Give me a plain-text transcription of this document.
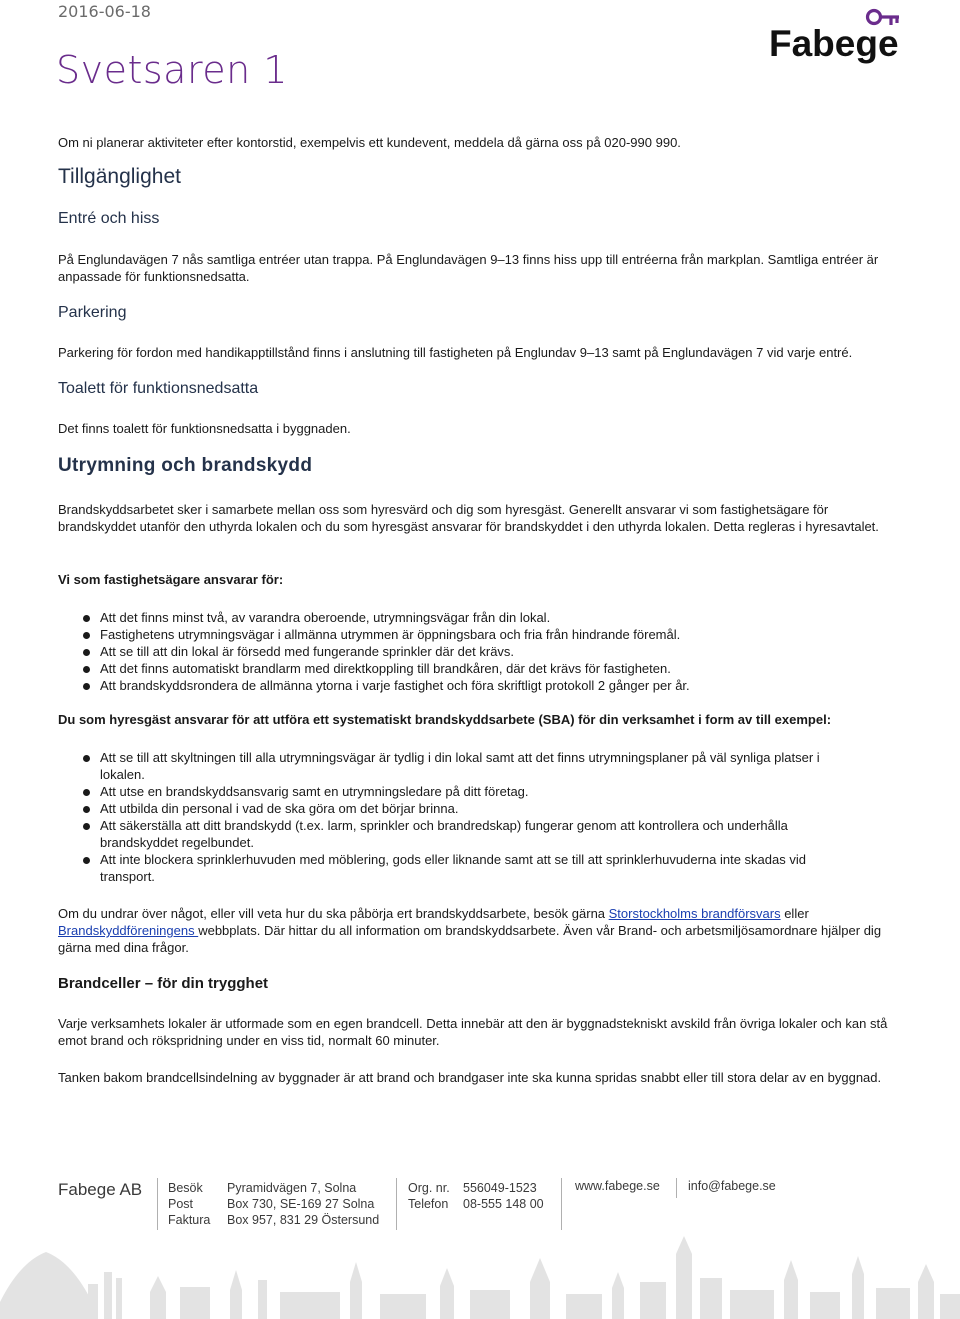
2016-06-18
Svetsaren 1
Fabege

Om ni planerar aktiviteter efter kontorstid, exempelvis ett kundevent, meddela då gärna oss på 020-990 990.

Tillgänglighet
Entré och hiss

På Englundavägen 7 nås samtliga entréer utan trappa. På Englundavägen 9–13 finns hiss upp till entréerna från markplan. Samtliga entréer är anpassade för funktionsnedsatta.

Parkering

Parkering för fordon med handikapptillstånd finns i anslutning till fastigheten på Englundav 9–13 samt på Englundavägen 7 vid varje entré.

Toalett för funktionsnedsatta

Det finns toalett för funktionsnedsatta i byggnaden.

Utrymning och brandskydd

Brandskyddsarbetet sker i samarbete mellan oss som hyresvärd och dig som hyresgäst. Generellt ansvarar vi som fastighetsägare för brandskyddet utanför den uthyrda lokalen och du som hyresgäst ansvarar för brandskyddet i den uthyrda lokalen. Detta regleras i hyresavtalet.

Vi som fastighetsägare ansvarar för:

Att det finns minst två, av varandra oberoende, utrymningsvägar från din lokal.
Fastighetens utrymningsvägar i allmänna utrymmen är öppningsbara och fria från hindrande föremål.
Att se till att din lokal är försedd med fungerande sprinkler där det krävs.
Att det finns automatiskt brandlarm med direktkoppling till brandkåren, där det krävs för fastigheten.
Att brandskyddsrondera de allmänna ytorna i varje fastighet och föra skriftligt protokoll 2 gånger per år.

Du som hyresgäst ansvarar för att utföra ett systematiskt brandskyddsarbete (SBA) för din verksamhet i form av till exempel:

Att se till att skyltningen till alla utrymningsvägar är tydlig i din lokal samt att det finns utrymningsplaner på väl synliga platser i lokalen.
Att utse en brandskyddsansvarig samt en utrymningsledare på ditt företag.
Att utbilda din personal i vad de ska göra om det börjar brinna.
Att säkerställa att ditt brandskydd (t.ex. larm, sprinkler och brandredskap) fungerar genom att kontrollera och underhålla brandskyddet regelbundet.
Att inte blockera sprinklerhuvuden med möblering, gods eller liknande samt att se till att sprinklerhuvuderna inte skadas vid transport.

Om du undrar över något, eller vill veta hur du ska påbörja ert brandskyddsarbete, besök gärna Storstockholms brandförsvars eller Brandskyddföreningens webbplats. Där hittar du all information om brandskyddsarbete. Även vår Brand- och arbetsmiljösamordnare hjälper dig gärna med dina frågor.

Brandceller – för din trygghet

Varje verksamhets lokaler är utformade som en egen brandcell. Detta innebär att den är byggnadstekniskt avskild från övriga lokaler och kan stå emot brand och rökspridning under en viss tid, normalt 60 minuter.

Tanken bakom brandcellsindelning av byggnader är att brand och brandgaser inte ska kunna spridas snabbt eller till stora delar av en byggnad.

Fabege AB Besök
Post
Faktura
Pyramidvägen 7, Solna
Box 730, SE-169 27 Solna
Box 957, 831 29 Östersund
Org. nr.
Telefon
556049-1523
08-555 148 00
www.fabege.se info@fabege.se
